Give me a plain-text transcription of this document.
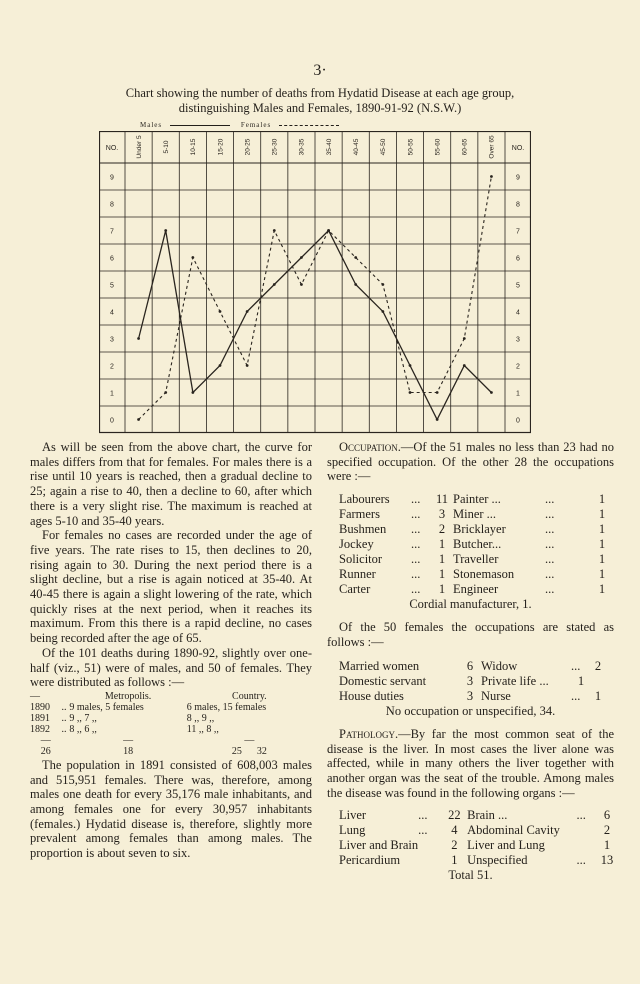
3·
Chart showing the number of deaths from Hydatid Disease at each age group,
distinguishing Males and Females, 1890-91-92 (N.S.W.)
Males	Females
NO.	NO.
Under 5	5-10	10-15	15-20	20-25	25-30	30-35	35-40	40-45	45-50	50-55	55-60	60-65	Over 65
9	9
8	8
7	7
6	6
5	5
4	4
3	3
2	2
1	1
0	0

As will be seen from the above chart, the curve for males differs from that for females. For males there is a rise until 10 years is reached, then a gradual decline to 25; again a rise to 40, then a decline to 60, after which there is a very slight rise. The maximum is reached at ages 5-10 and 35-40 years.

For females no cases are recorded under the age of five years. The rate rises to 15, then declines to 20, rising again to 30. During the next period there is a slight decline, but a rise is again noticed at 35-40. At 40-45 there is again a slight lowering of the rate, which quickly rises at the next period, when it reaches its maximum. From this there is a rapid decline, no cases being recorded after the age of 65.

Of the 101 deaths during 1890-92, slightly over one-half (viz., 51) were of males, and 50 of females. They were distributed as follows :—

—		Metropolis.	Country.
1890	..	9 males, 5 females	6 males, 15 females
1891	..	9 ,, 7 ,,	8 ,, 9 ,,
1892	..	8 ,, 6 ,,	11 ,, 8 ,,
—		—	—
26		18	25 32

The population in 1891 consisted of 608,003 males and 515,951 females. There was, therefore, among males one death for every 35,176 male inhabitants, and among females one for every 30,957 inhabitants (females.) Hydatid disease is, therefore, slightly more prevalent among females than among males. The proportion is about seven to six.

Occupation.—Of the 51 males no less than 23 had no specified occupation. Of the other 28 the occupations were :—

Labourers	...	11	Painter ...	...	1
Farmers	...	3	Miner ...	...	1
Bushmen	...	2	Bricklayer	...	1
Jockey	...	1	Butcher...	...	1
Solicitor	...	1	Traveller	...	1
Runner	...	1	Stonemason	...	1
Carter	...	1	Engineer	...	1
Cordial manufacturer, 1.

Of the 50 females the occupations are stated as follows :—

Married women	6	Widow	...	2
Domestic servant	3	Private life ...	1	
House duties	3	Nurse	...	1
No occupation or unspecified, 34.

Pathology.—By far the most common seat of the disease is the liver. In most cases the liver alone was affected, while in many others the liver together with another organ was the seat of the trouble. Among males the disease was found in the following organs :—

Liver	...	22	Brain ...	...	6
Lung	...	4	Abdominal Cavity		2
Liver and Brain		2	Liver and Lung		1
Pericardium		1	Unspecified	...	13
Total 51.
